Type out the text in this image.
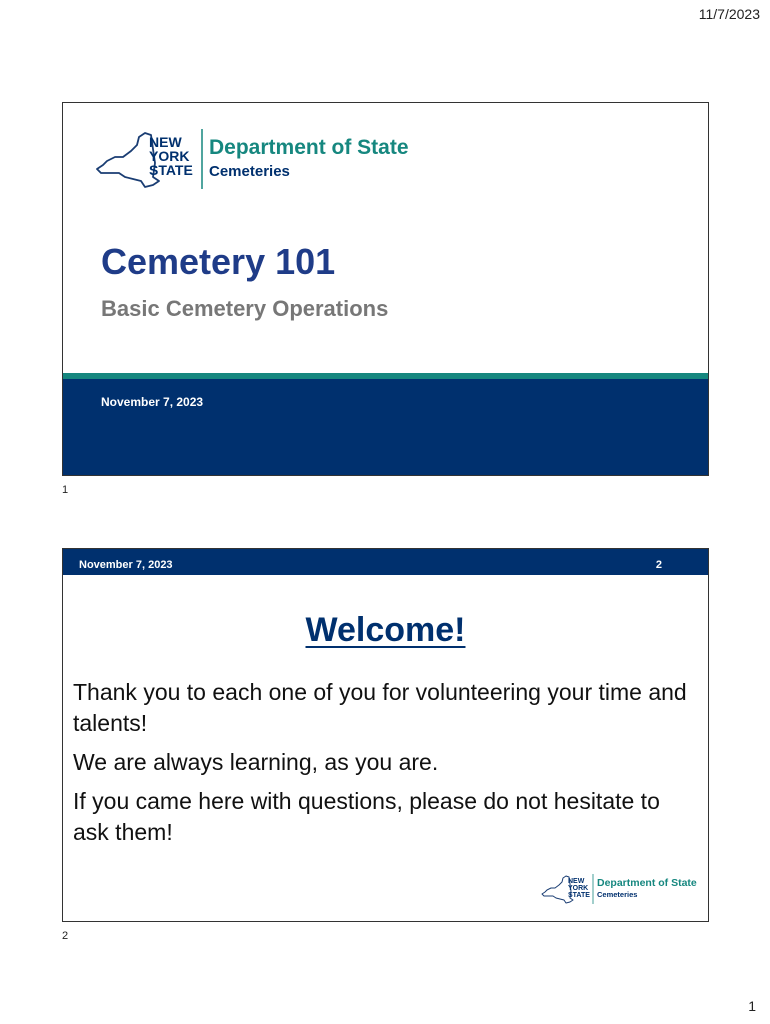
11/7/2023
NEW
YORK
STATE
Department of State
Cemeteries
Cemetery 101
Basic Cemetery Operations
November 7, 2023
1
November 7, 2023	2
Welcome!

Thank you to each one of you for volunteering your time and talents!

We are always learning, as you are.

If you came here with questions, please do not hesitate to ask them!

NEW
YORK
STATE
Department of State
Cemeteries
2
1
